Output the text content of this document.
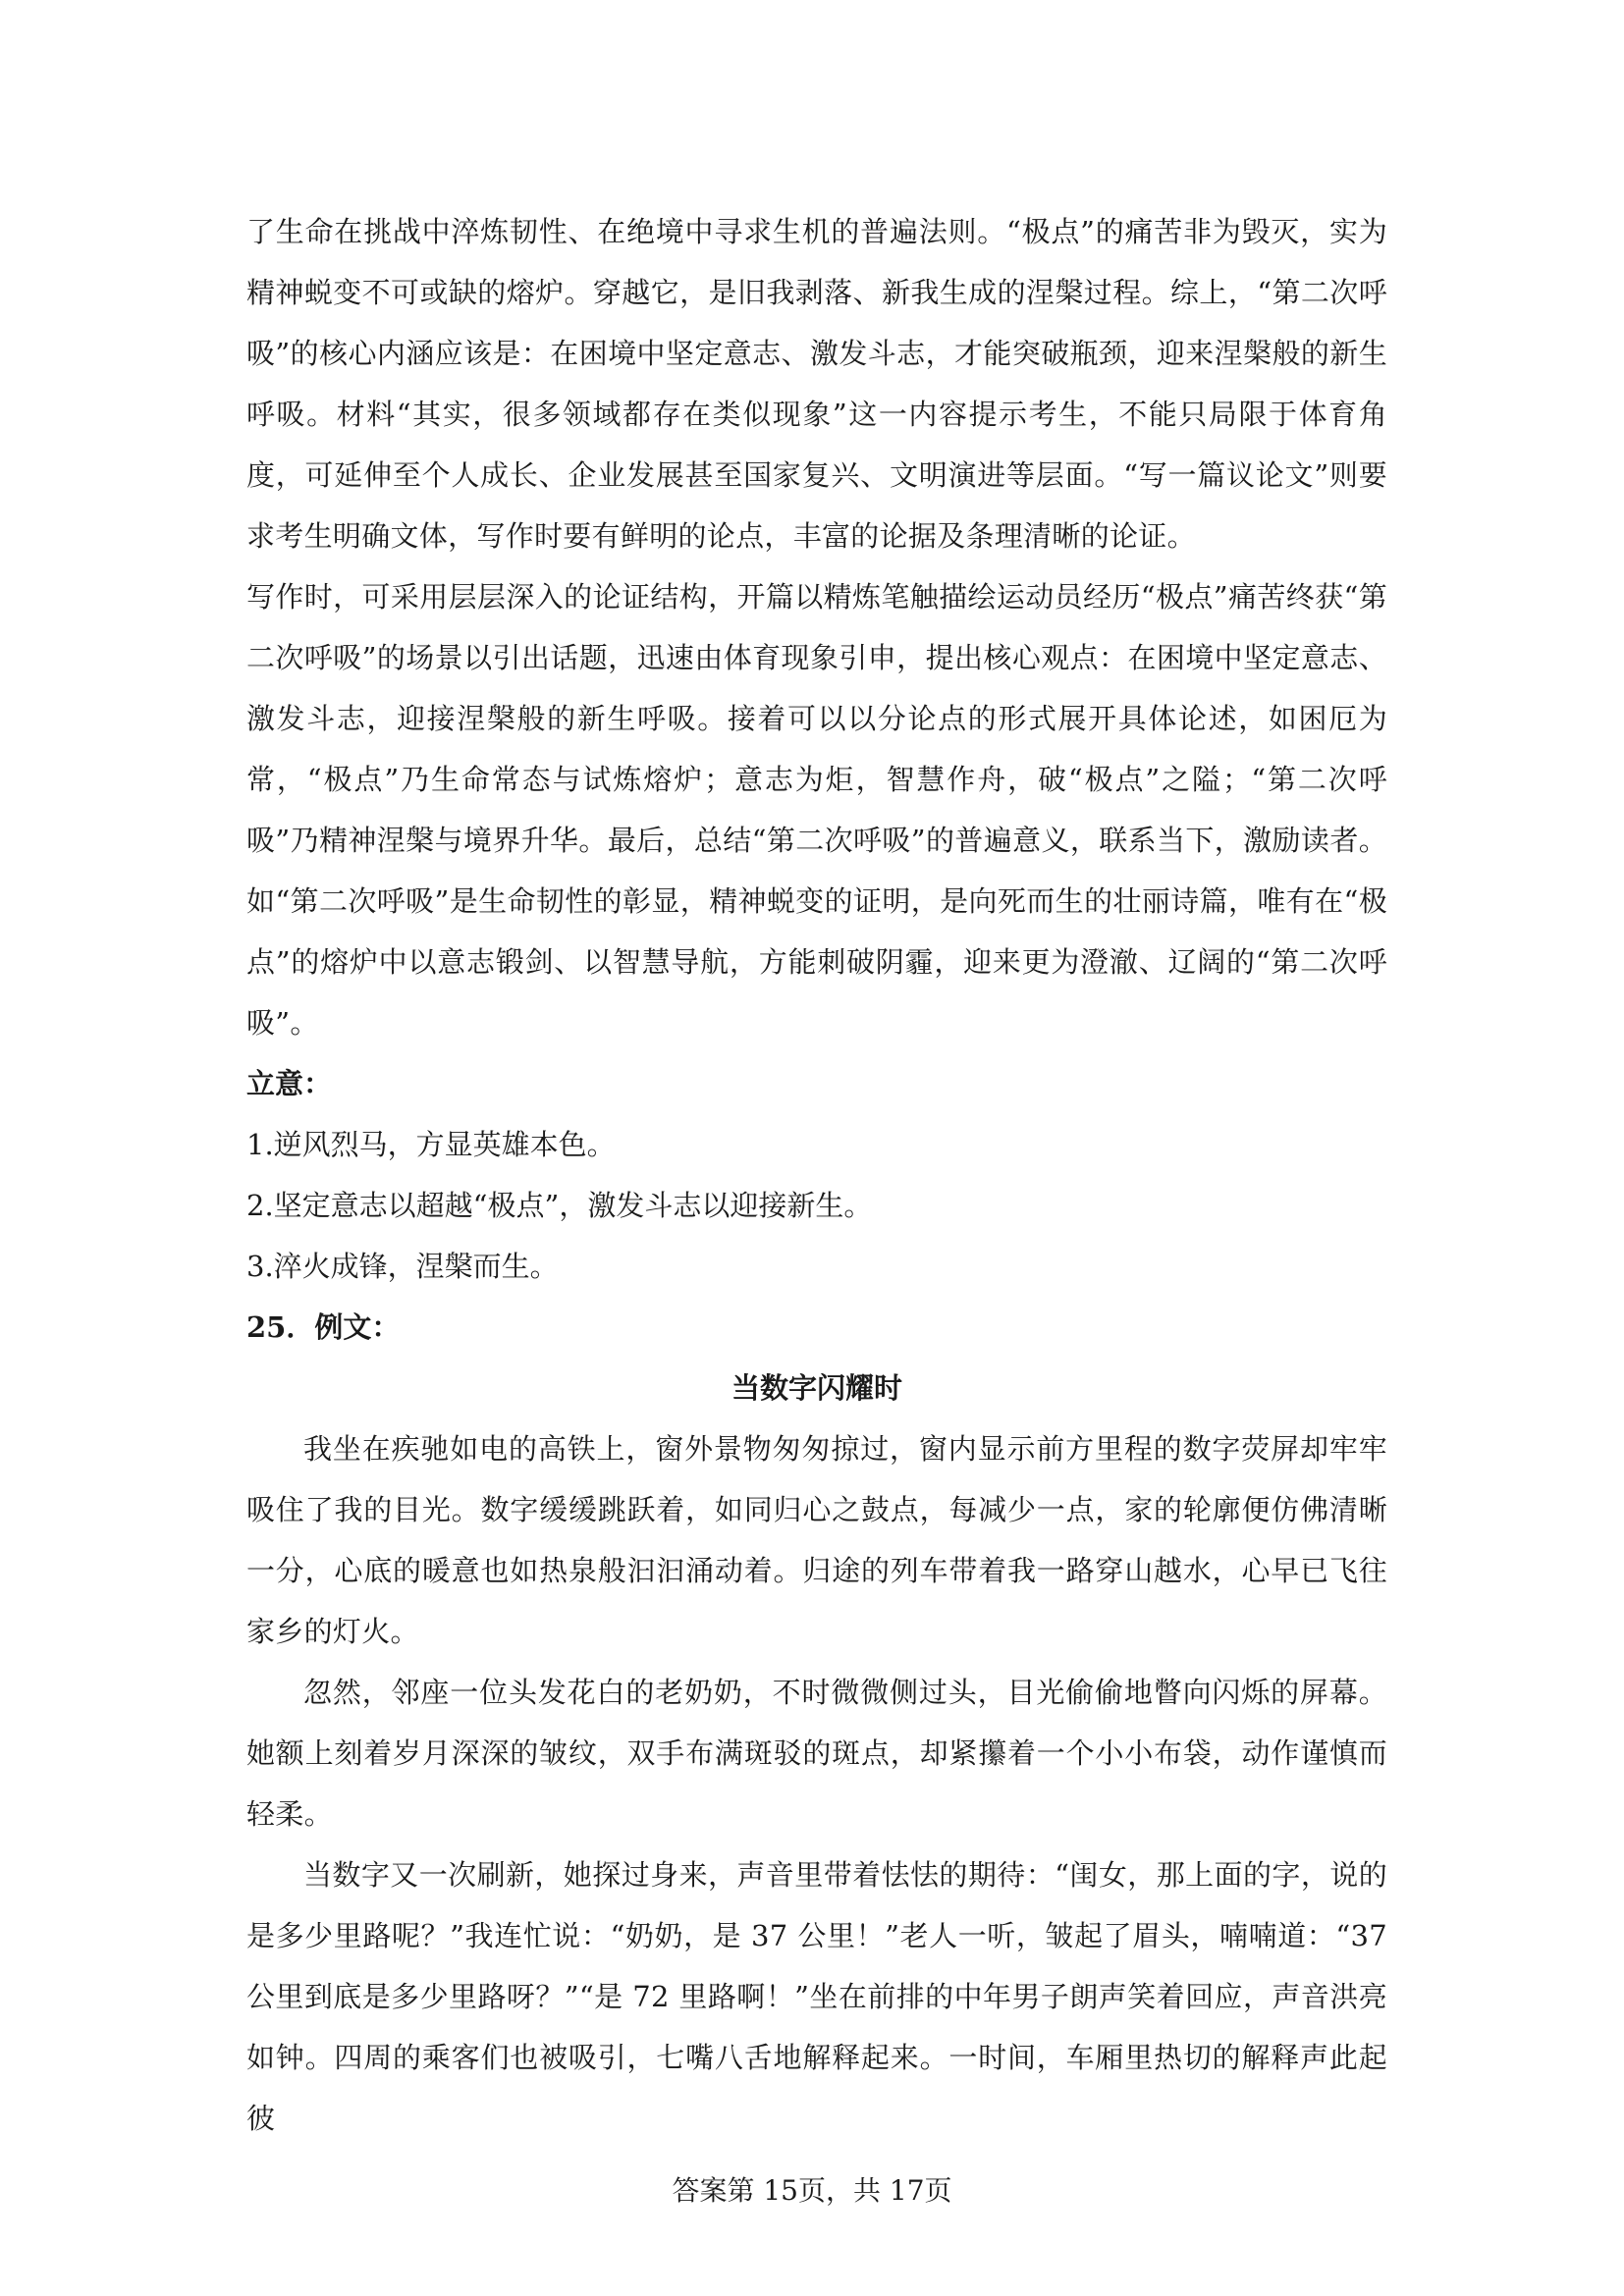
了生命在挑战中淬炼韧性、在绝境中寻求生机的普遍法则。“极点”的痛苦非为毁灭，实为精神蜕变不可或缺的熔炉。穿越它，是旧我剥落、新我生成的涅槃过程。综上，“第二次呼吸”的核心内涵应该是：在困境中坚定意志、激发斗志，才能突破瓶颈，迎来涅槃般的新生呼吸。材料“其实，很多领域都存在类似现象”这一内容提示考生，不能只局限于体育角度，可延伸至个人成长、企业发展甚至国家复兴、文明演进等层面。“写一篇议论文”则要求考生明确文体，写作时要有鲜明的论点，丰富的论据及条理清晰的论证。

写作时，可采用层层深入的论证结构，开篇以精炼笔触描绘运动员经历“极点”痛苦终获“第二次呼吸”的场景以引出话题，迅速由体育现象引申，提出核心观点：在困境中坚定意志、激发斗志，迎接涅槃般的新生呼吸。接着可以以分论点的形式展开具体论述，如困厄为常，“极点”乃生命常态与试炼熔炉；意志为炬，智慧作舟，破“极点”之隘；“第二次呼吸”乃精神涅槃与境界升华。最后，总结“第二次呼吸”的普遍意义，联系当下，激励读者。如“第二次呼吸”是生命韧性的彰显，精神蜕变的证明，是向死而生的壮丽诗篇，唯有在“极点”的熔炉中以意志锻剑、以智慧导航，方能刺破阴霾，迎来更为澄澈、辽阔的“第二次呼吸”。

立意：

1.逆风烈马，方显英雄本色。

2.坚定意志以超越“极点”，激发斗志以迎接新生。

3.淬火成锋，涅槃而生。

25．例文：

当数字闪耀时

我坐在疾驰如电的高铁上，窗外景物匆匆掠过，窗内显示前方里程的数字荧屏却牢牢吸住了我的目光。数字缓缓跳跃着，如同归心之鼓点，每减少一点，家的轮廓便仿佛清晰一分，心底的暖意也如热泉般汩汩涌动着。归途的列车带着我一路穿山越水，心早已飞往家乡的灯火。

忽然，邻座一位头发花白的老奶奶，不时微微侧过头，目光偷偷地瞥向闪烁的屏幕。她额上刻着岁月深深的皱纹，双手布满斑驳的斑点，却紧攥着一个小小布袋，动作谨慎而轻柔。

当数字又一次刷新，她探过身来，声音里带着怯怯的期待：“闺女，那上面的字，说的是多少里路呢？”我连忙说：“奶奶，是 37 公里！”老人一听，皱起了眉头，喃喃道：“37 公里到底是多少里路呀？”“是 72 里路啊！”坐在前排的中年男子朗声笑着回应，声音洪亮如钟。四周的乘客们也被吸引，七嘴八舌地解释起来。一时间，车厢里热切的解释声此起彼

答案第 15页，共 17页
